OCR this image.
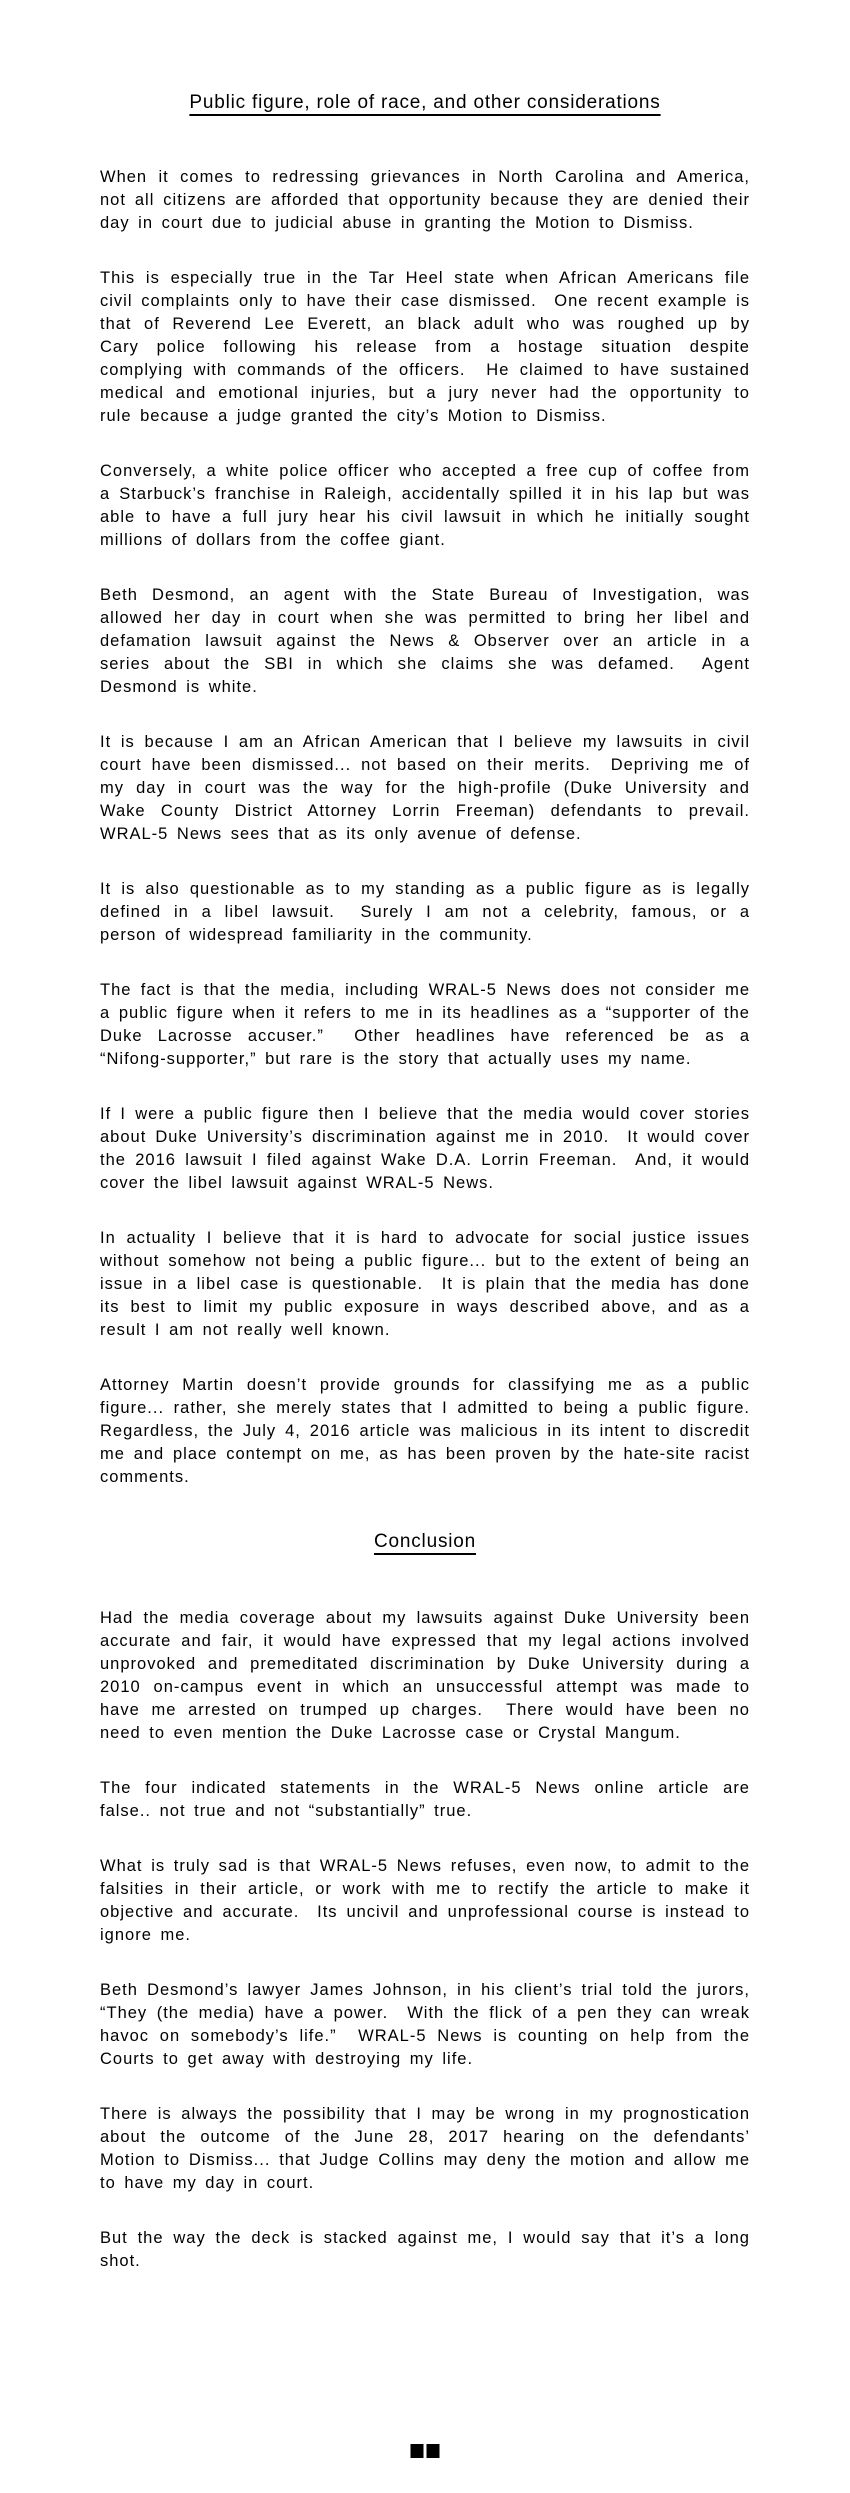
Public figure, role of race, and other considerations

When it comes to redressing grievances in North Carolina and America, not all citizens are afforded that opportunity because they are denied their day in court due to judicial abuse in granting the Motion to Dismiss.

This is especially true in the Tar Heel state when African Americans file civil complaints only to have their case dismissed.  One recent example is that of Reverend Lee Everett, an black adult who was roughed up by Cary police following his release from a hostage situation despite complying with commands of the officers.  He claimed to have sustained medical and emotional injuries, but a jury never had the opportunity to rule because a judge granted the city’s Motion to Dismiss.

Conversely, a white police officer who accepted a free cup of coffee from a Starbuck’s franchise in Raleigh, accidentally spilled it in his lap but was able to have a full jury hear his civil lawsuit in which he initially sought millions of dollars from the coffee giant.

Beth Desmond, an agent with the State Bureau of Investigation, was allowed her day in court when she was permitted to bring her libel and defamation lawsuit against the News & Observer over an article in a series about the SBI in which she claims she was defamed.  Agent Desmond is white.

It is because I am an African American that I believe my lawsuits in civil court have been dismissed... not based on their merits.  Depriving me of my day in court was the way for the high-profile (Duke University and Wake County District Attorney Lorrin Freeman) defendants to prevail.  WRAL-5 News sees that as its only avenue of defense.

It is also questionable as to my standing as a public figure as is legally defined in a libel lawsuit.  Surely I am not a celebrity, famous, or a person of widespread familiarity in the community.

The fact is that the media, including WRAL-5 News does not consider me a public figure when it refers to me in its headlines as a “supporter of the Duke Lacrosse accuser.”  Other headlines have referenced be as a “Nifong-supporter,” but rare is the story that actually uses my name.

If I were a public figure then I believe that the media would cover stories about Duke University’s discrimination against me in 2010.  It would cover the 2016 lawsuit I filed against Wake D.A. Lorrin Freeman.  And, it would cover the libel lawsuit against WRAL-5 News.

In actuality I believe that it is hard to advocate for social justice issues without somehow not being a public figure... but to the extent of being an issue in a libel case is questionable.  It is plain that the media has done its best to limit my public exposure in ways described above, and as a result I am not really well known.

Attorney Martin doesn’t provide grounds for classifying me as a public figure... rather, she merely states that I admitted to being a public figure.  Regardless, the July 4, 2016 article was malicious in its intent to discredit me and place contempt on me, as has been proven by the hate-site racist comments.

Conclusion

Had the media coverage about my lawsuits against Duke University been accurate and fair, it would have expressed that my legal actions involved unprovoked and premeditated discrimination by Duke University during a 2010 on-campus event in which an unsuccessful attempt was made to have me arrested on trumped up charges.  There would have been no need to even mention the Duke Lacrosse case or Crystal Mangum.

The four indicated statements in the WRAL-5 News online article are false.. not true and not “substantially” true.

What is truly sad is that WRAL-5 News refuses, even now, to admit to the falsities in their article, or work with me to rectify the article to make it objective and accurate.  Its uncivil and unprofessional course is instead to ignore me.

Beth Desmond’s lawyer James Johnson, in his client’s trial told the jurors, “They (the media) have a power.  With the flick of a pen they can wreak havoc on somebody’s life.”  WRAL-5 News is counting on help from the Courts to get away with destroying my life.

There is always the possibility that I may be wrong in my prognostication about the outcome of the June 28, 2017 hearing on the defendants’ Motion to Dismiss... that Judge Collins may deny the motion and allow me to have my day in court.

But the way the deck is stacked against me, I would say that it’s a long shot.
